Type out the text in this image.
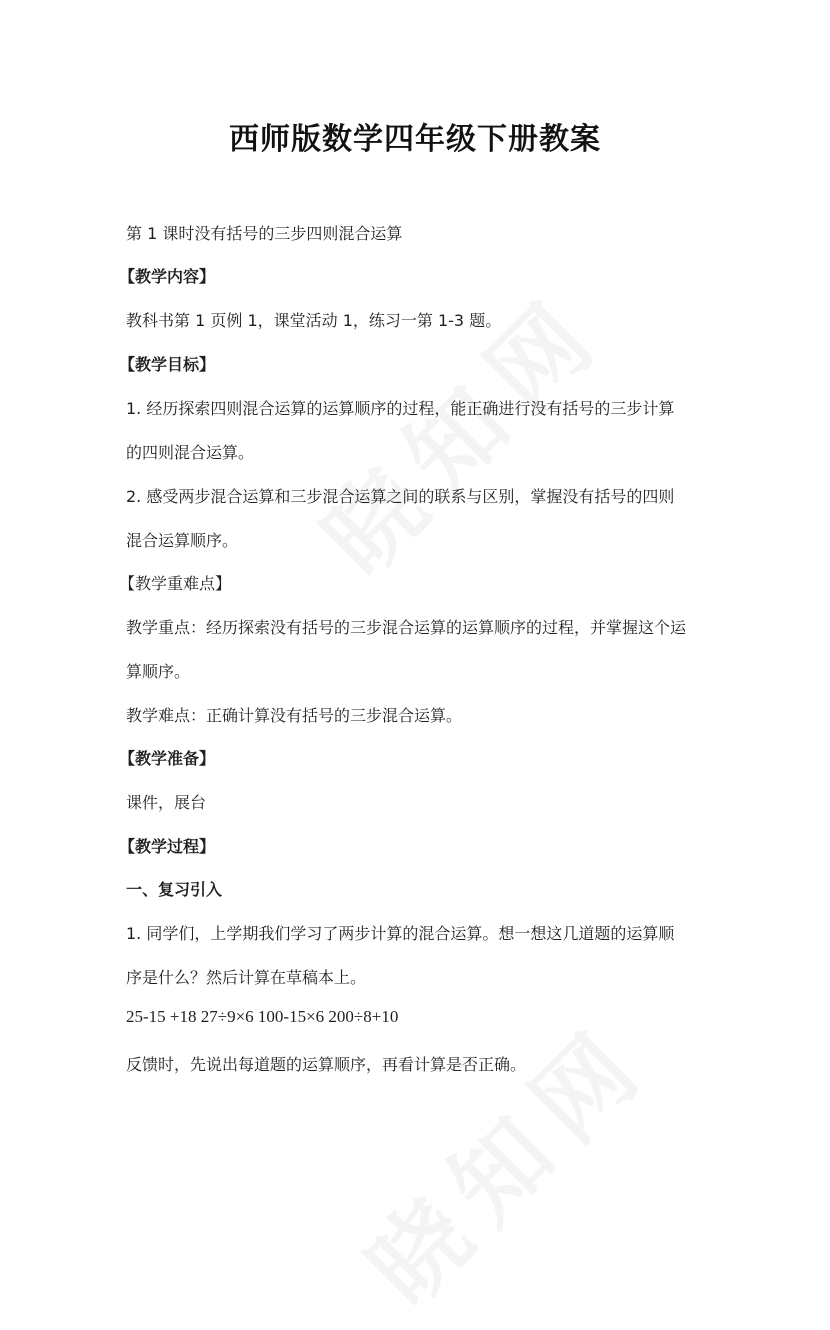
西师版数学四年级下册教案
第 1 课时没有括号的三步四则混合运算
【教学内容】
教科书第 1 页例 1，课堂活动 1，练习一第 1-3 题。
【教学目标】
1. 经历探索四则混合运算的运算顺序的过程，能正确进行没有括号的三步计算
的四则混合运算。
2. 感受两步混合运算和三步混合运算之间的联系与区别，掌握没有括号的四则
混合运算顺序。
【教学重难点】
教学重点：经历探索没有括号的三步混合运算的运算顺序的过程，并掌握这个运
算顺序。
教学难点：正确计算没有括号的三步混合运算。
【教学准备】
课件，展台
【教学过程】
一、复习引入
1. 同学们，上学期我们学习了两步计算的混合运算。想一想这几道题的运算顺
序是什么？然后计算在草稿本上。
25-15 +18 27÷9×6 100-15×6 200÷8+10
反馈时，先说出每道题的运算顺序，再看计算是否正确。
